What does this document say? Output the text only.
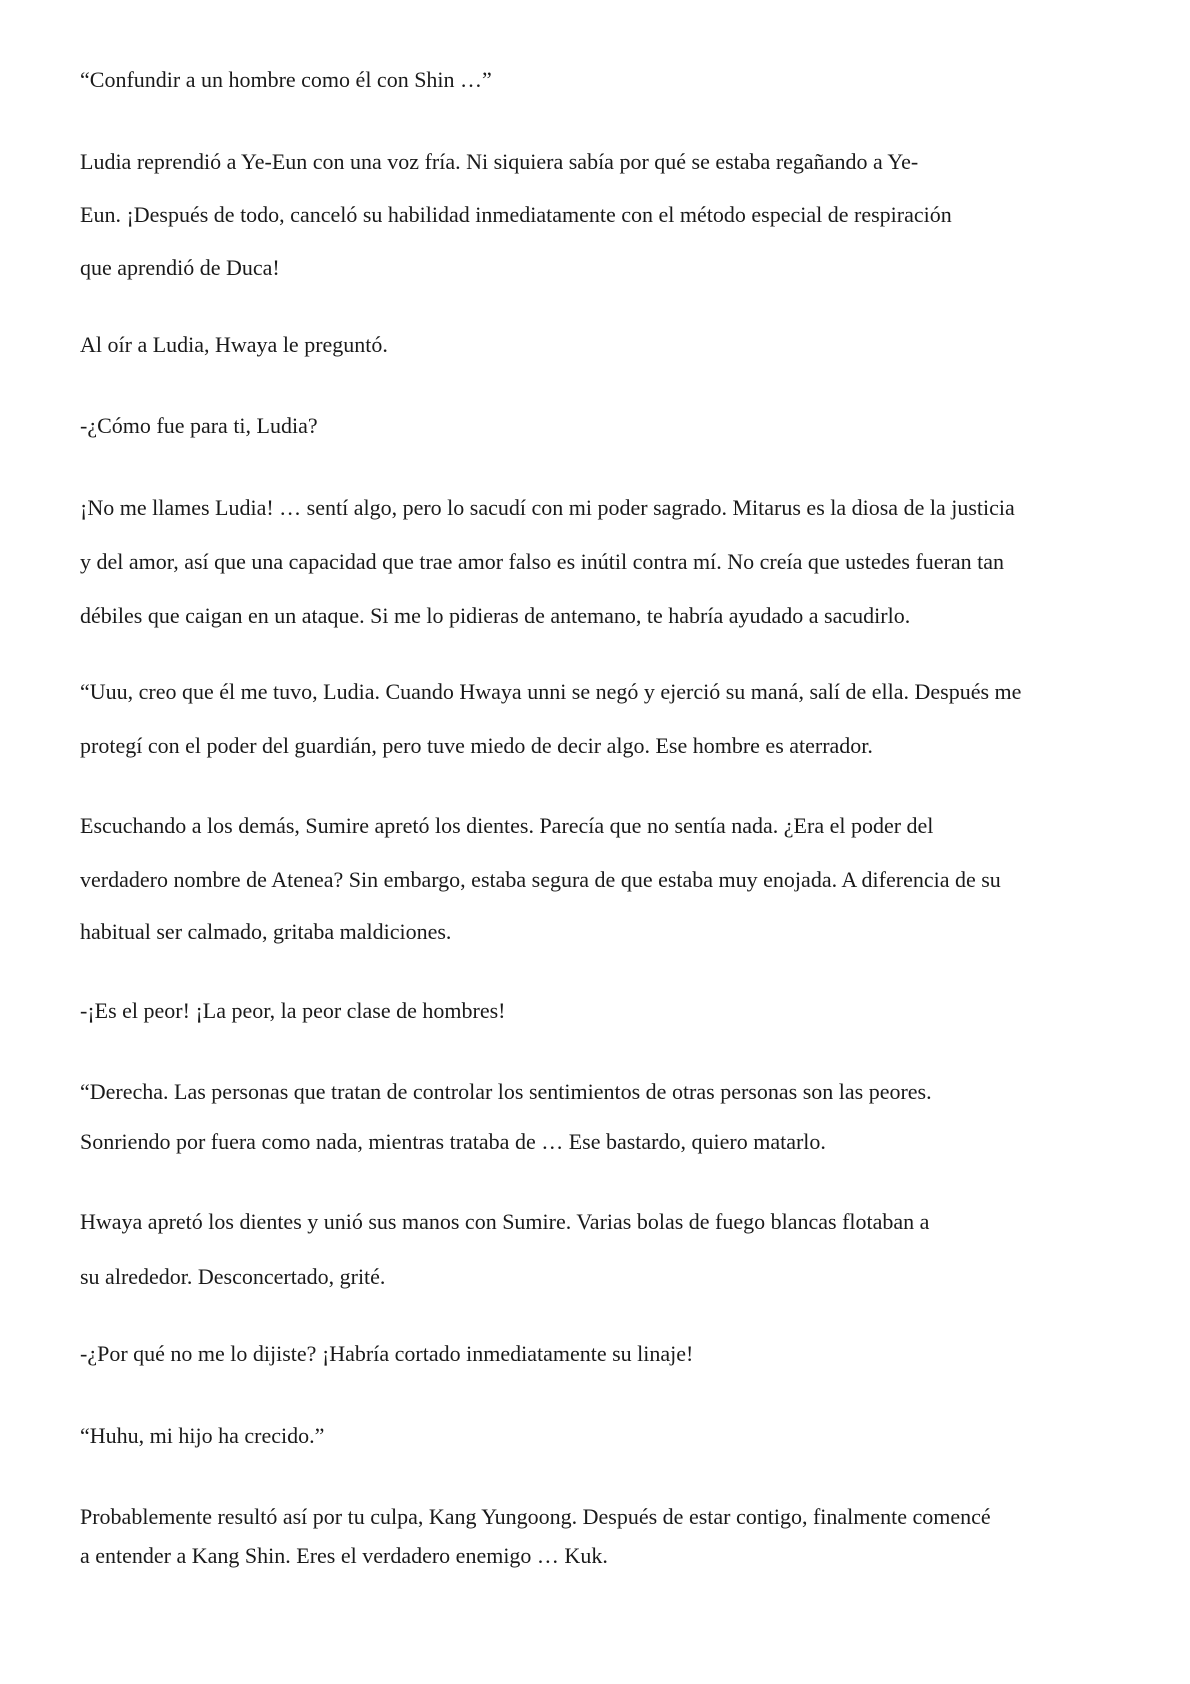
“Confundir a un hombre como él con Shin …”

Ludia reprendió a Ye-Eun con una voz fría. Ni siquiera sabía por qué se estaba regañando a Ye-

Eun. ¡Después de todo, canceló su habilidad inmediatamente con el método especial de respiración

que aprendió de Duca!

Al oír a Ludia, Hwaya le preguntó.

-¿Cómo fue para ti, Ludia?

¡No me llames Ludia! … sentí algo, pero lo sacudí con mi poder sagrado. Mitarus es la diosa de la justicia

y del amor, así que una capacidad que trae amor falso es inútil contra mí. No creía que ustedes fueran tan

débiles que caigan en un ataque. Si me lo pidieras de antemano, te habría ayudado a sacudirlo.

“Uuu, creo que él me tuvo, Ludia. Cuando Hwaya unni se negó y ejerció su maná, salí de ella. Después me

protegí con el poder del guardián, pero tuve miedo de decir algo. Ese hombre es aterrador.

Escuchando a los demás, Sumire apretó los dientes. Parecía que no sentía nada. ¿Era el poder del

verdadero nombre de Atenea? Sin embargo, estaba segura de que estaba muy enojada. A diferencia de su

habitual ser calmado, gritaba maldiciones.

-¡Es el peor! ¡La peor, la peor clase de hombres!

“Derecha. Las personas que tratan de controlar los sentimientos de otras personas son las peores.

Sonriendo por fuera como nada, mientras trataba de … Ese bastardo, quiero matarlo.

Hwaya apretó los dientes y unió sus manos con Sumire. Varias bolas de fuego blancas flotaban a

su alrededor. Desconcertado, grité.

-¿Por qué no me lo dijiste? ¡Habría cortado inmediatamente su linaje!

“Huhu, mi hijo ha crecido.”

Probablemente resultó así por tu culpa, Kang Yungoong. Después de estar contigo, finalmente comencé

a entender a Kang Shin. Eres el verdadero enemigo … Kuk.
